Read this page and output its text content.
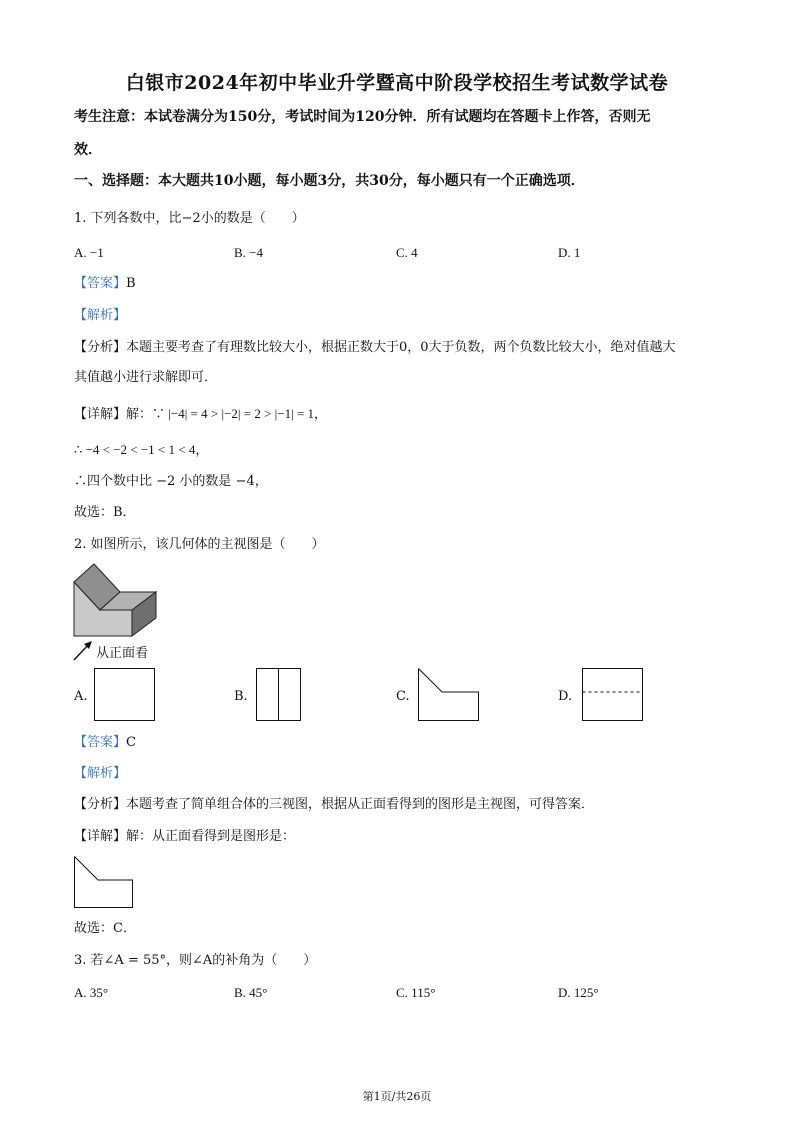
白银市2024年初中毕业升学暨高中阶段学校招生考试数学试卷
考生注意：本试卷满分为150分，考试时间为120分钟．所有试题均在答题卡上作答，否则无
效．
一、选择题：本大题共10小题，每小题3分，共30分，每小题只有一个正确选项．
1. 下列各数中，比−2小的数是（　　）
A. −1	B. −4	C. 4	D. 1
【答案】B
【解析】
【分析】本题主要考查了有理数比较大小，根据正数大于0，0大于负数，两个负数比较大小，绝对值越大
其值越小进行求解即可．
【详解】解：∵ |−4| = 4 > |−2| = 2 > |−1| = 1，
∴ −4 < −2 < −1 < 1 < 4，
∴四个数中比 −2 小的数是 −4，
故选：B．
2. 如图所示，该几何体的主视图是（　　）
从正面看
A.	B.	C.	D.
【答案】C
【解析】
【分析】本题考查了简单组合体的三视图，根据从正面看得到的图形是主视图，可得答案．
【详解】解：从正面看得到是图形是：
故选：C．
3. 若∠A = 55°，则∠A的补角为（　　）
A. 35°	B. 45°	C. 115°	D. 125°
第1页/共26页
